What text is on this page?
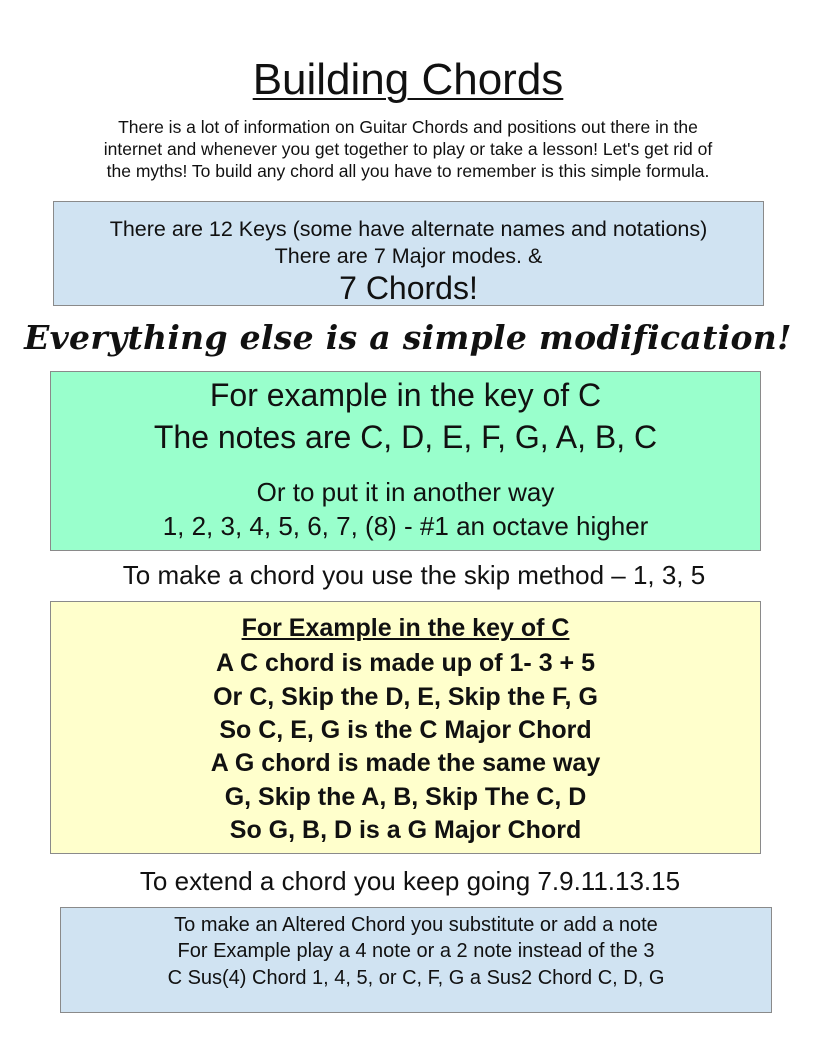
Building Chords
There is a lot of information on Guitar Chords and positions out there in the
internet and whenever you get together to play or take a lesson! Let's get rid of
the myths! To build any chord all you have to remember is this simple formula.
There are 12 Keys (some have alternate names and notations)
There are 7 Major modes. &
7 Chords!
Everything else is a simple modification!
For example in the key of C
The notes are C, D, E, F, G, A, B, C
Or to put it in another way
1, 2, 3, 4, 5, 6, 7, (8) - #1 an octave higher
To make a chord you use the skip method – 1, 3, 5
For Example in the key of C
A C chord is made up of 1- 3 + 5
Or C, Skip the D, E, Skip the F, G
So C, E, G is the C Major Chord
A G chord is made the same way
G, Skip the A, B, Skip The C, D
So G, B, D is a G Major Chord
To extend a chord you keep going 7.9.11.13.15
To make an Altered Chord you substitute or add a note
For Example play a 4 note or a 2 note instead of the 3
C Sus(4) Chord 1, 4, 5, or C, F, G a Sus2 Chord C, D, G
